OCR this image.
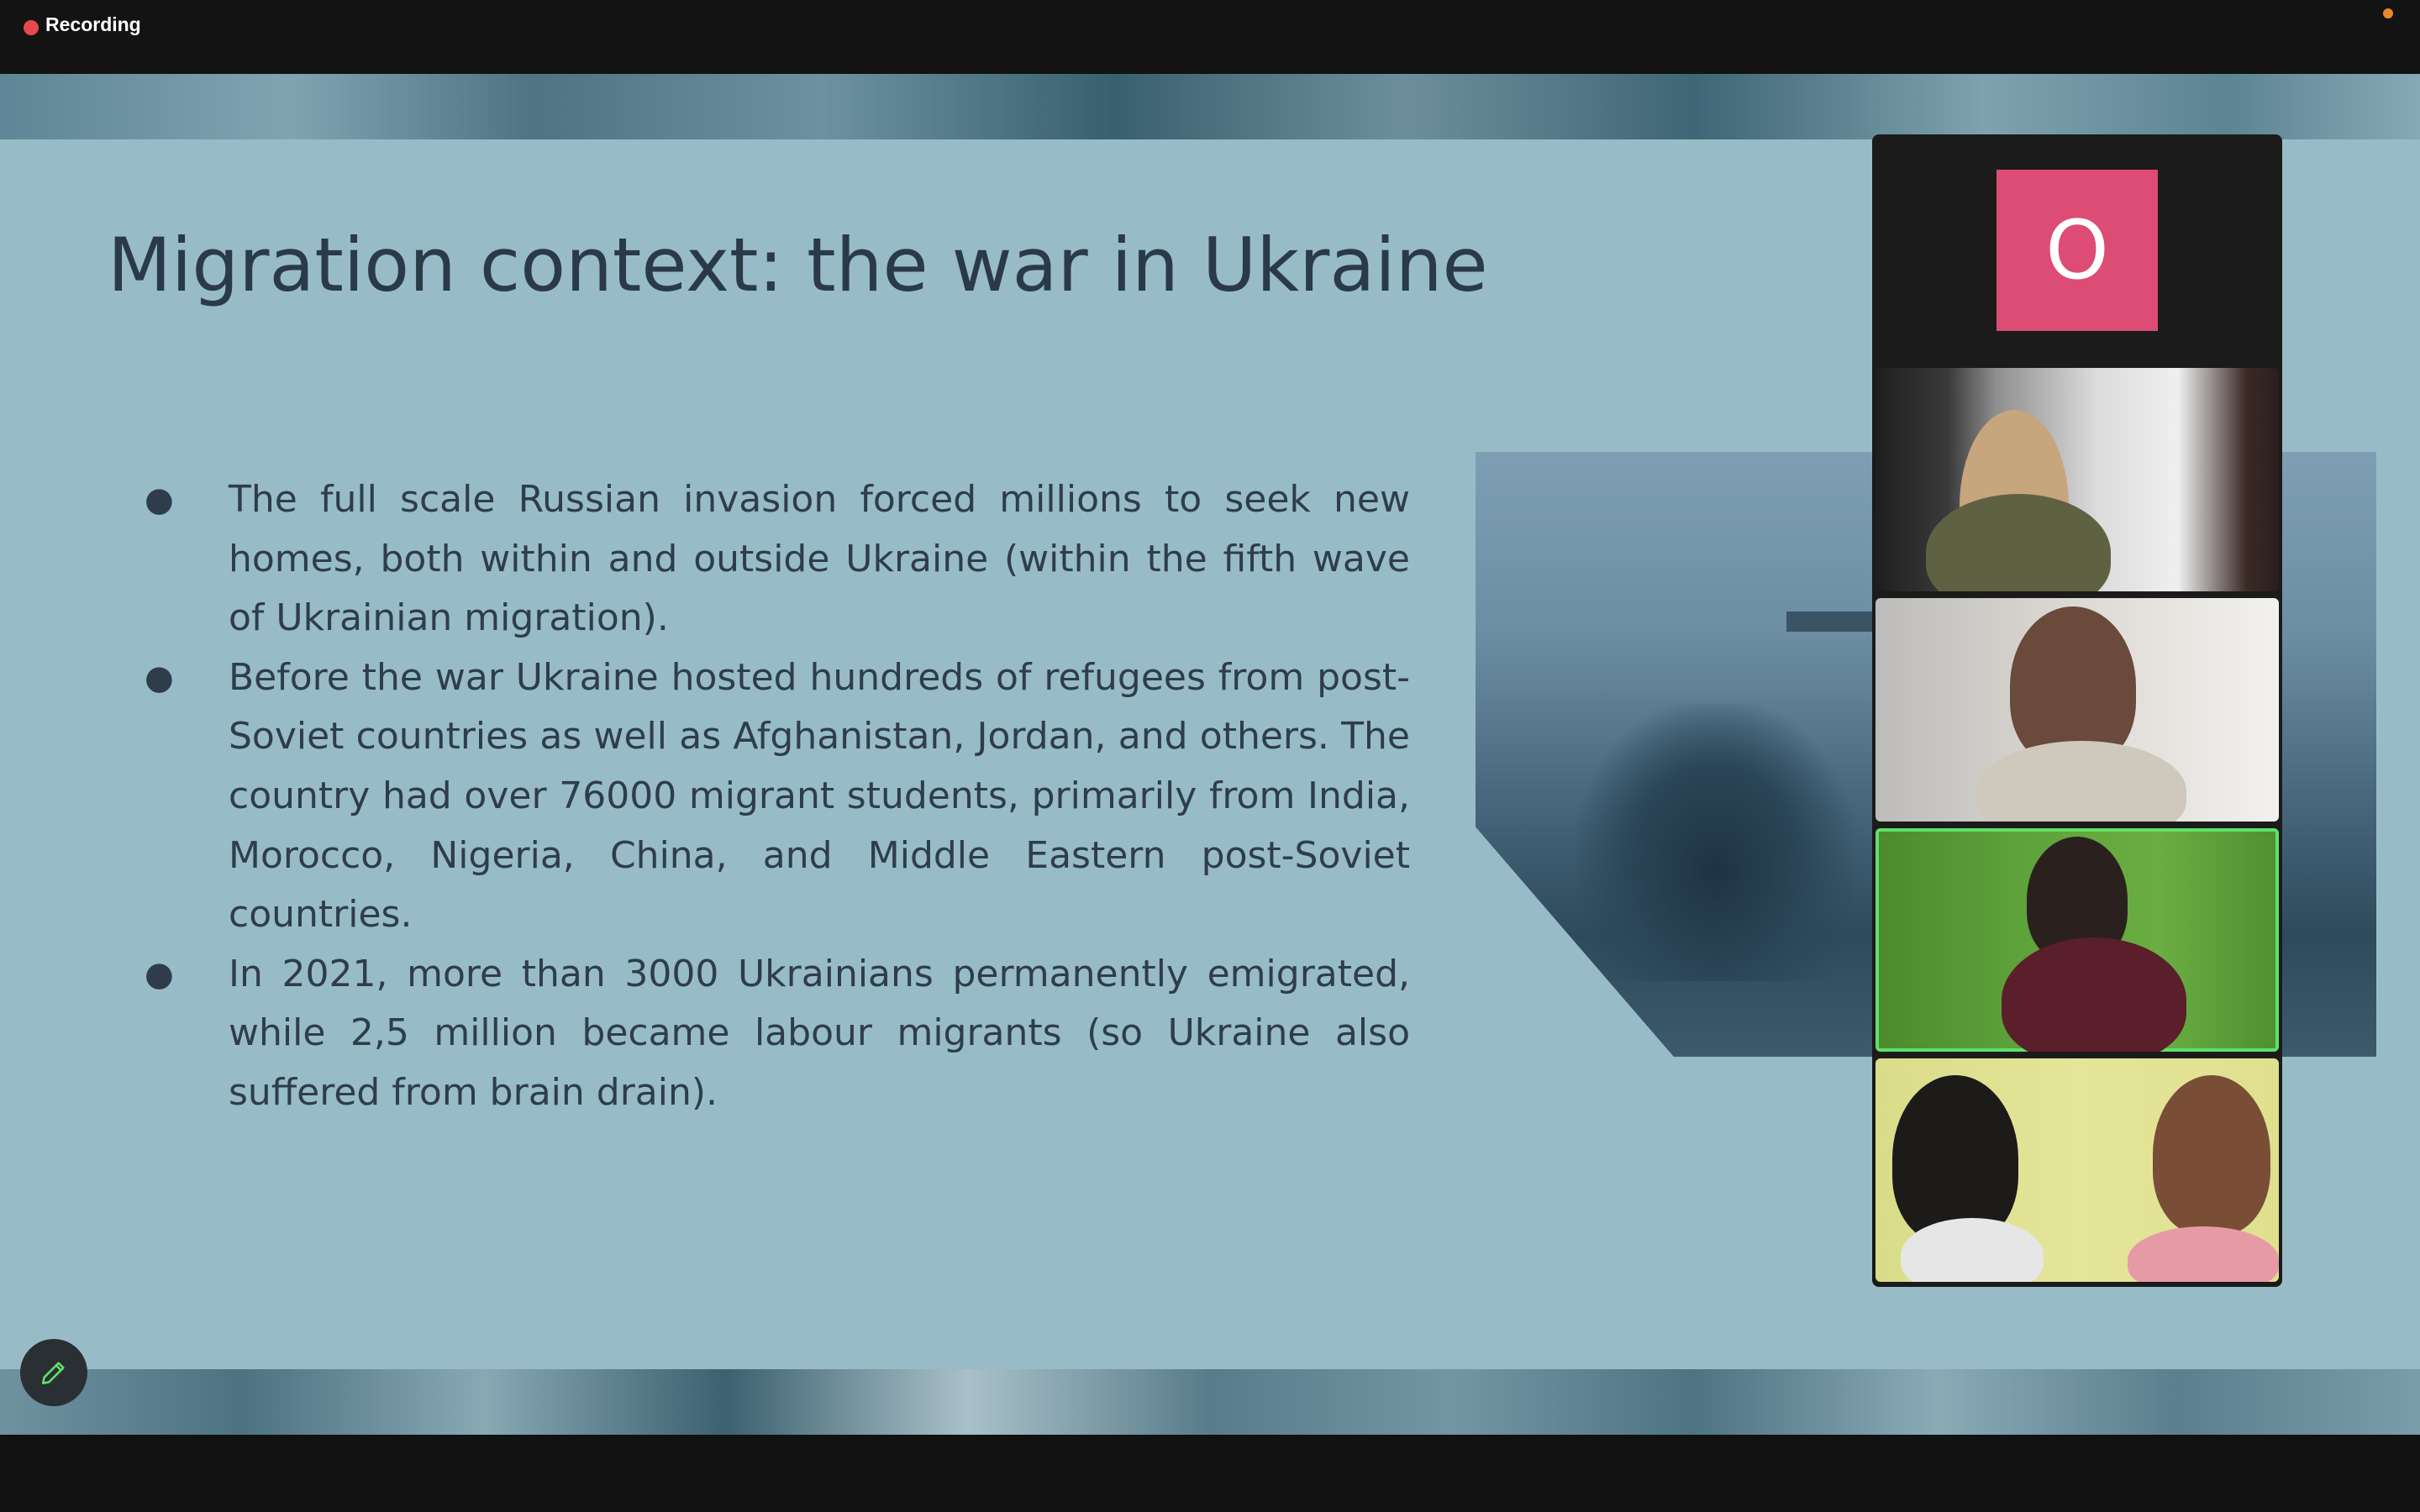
Recording
Migration context: the war in Ukraine
● The full scale Russian invasion forced millions to seek new homes, both within and outside Ukraine (within the fifth wave of Ukrainian migration).
● Before the war Ukraine hosted hundreds of refugees from post-Soviet countries as well as Afghanistan, Jordan, and others. The country had over 76000 migrant students, primarily from India, Morocco, Nigeria, China, and Middle Eastern post-Soviet countries.
● In 2021, more than 3000 Ukrainians permanently emigrated, while 2,5 million became labour migrants (so Ukraine also suffered from brain drain).
O
